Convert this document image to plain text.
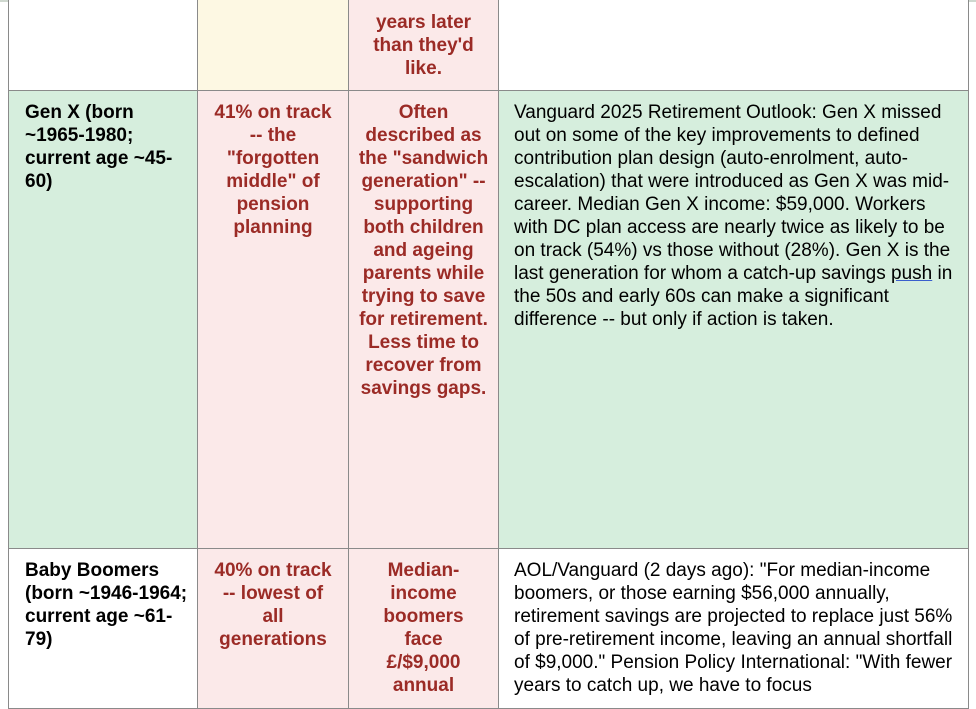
years later than they'd like.
Gen X (born ~1965-1980; current age ~45-60)
41% on track -- the "forgotten middle" of pension planning
Often described as the "sandwich generation" -- supporting both children and ageing parents while trying to save for retirement. Less time to recover from savings gaps.
Vanguard 2025 Retirement Outlook: Gen X missed out on some of the key improvements to defined contribution plan design (auto-enrolment, auto-escalation) that were introduced as Gen X was mid-career. Median Gen X income: $59,000. Workers with DC plan access are nearly twice as likely to be on track (54%) vs those without (28%). Gen X is the last generation for whom a catch-up savings push in the 50s and early 60s can make a significant difference -- but only if action is taken.
Baby Boomers (born ~1946-1964; current age ~61-79)
40% on track -- lowest of all generations
Median-income boomers face £/$9,000 annual
AOL/Vanguard (2 days ago): "For median-income boomers, or those earning $56,000 annually, retirement savings are projected to replace just 56% of pre-retirement income, leaving an annual shortfall of $9,000." Pension Policy International: "With fewer years to catch up, we have to focus
